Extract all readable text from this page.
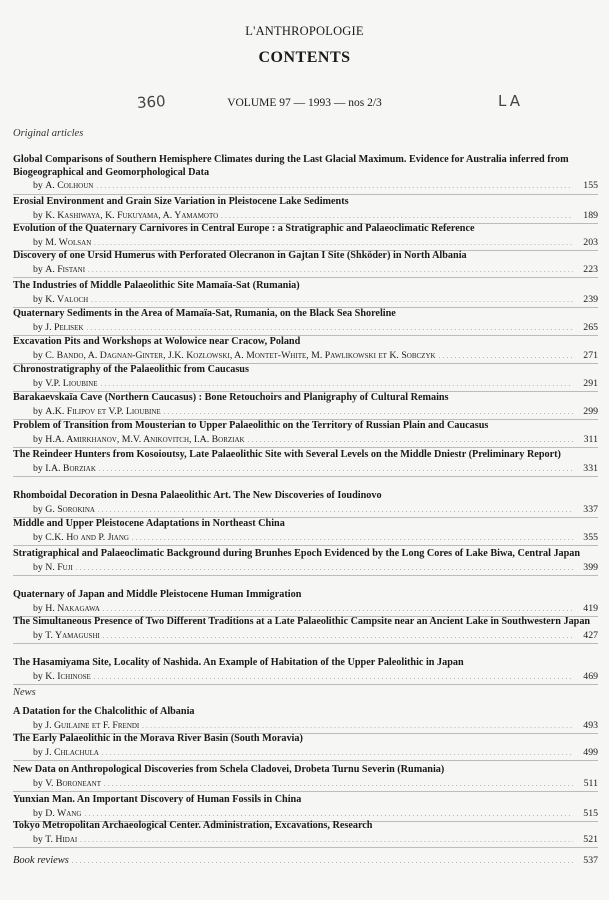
L'ANTHROPOLOGIE
CONTENTS
VOLUME 97 — 1993 — nos 2/3
360	LA
Original articles
Global Comparisons of Southern Hemisphere Climates during the Last Glacial Maximum. Evidence for Australia inferred from Biogeographical and Geomorphological Data
by A. Colhoun . . .	155
Erosial Environment and Grain Size Variation in Pleistocene Lake Sediments
by K. Kashiwaya, K. Fukuyama, A. Yamamoto . . .	189
Evolution of the Quaternary Carnivores in Central Europe : a Stratigraphic and Palaeoclimatic Reference
by M. Wolsan . . .	203
Discovery of one Ursid Humerus with Perforated Olecranon in Gajtan I Site (Shköder) in North Albania
by A. Fistani . . .	223
The Industries of Middle Palaeolithic Site Mamaïa-Sat (Rumania)
by K. Valoch . . .	239
Quaternary Sediments in the Area of Mamaïa-Sat, Rumania, on the Black Sea Shoreline
by J. Pelisek . . .	265
Excavation Pits and Workshops at Wolowice near Cracow, Poland
by C. Bando, A. Dagnan-Ginter, J.K. Kozlowski, A. Montet-White, M. Pawlikowski et K. Sobczyk . . .	271
Chronostratigraphy of the Palaeolithic from Caucasus
by V.P. Lioubine . . .	291
Barakaevskaïa Cave (Northern Caucasus) : Bone Retouchoirs and Planigraphy of Cultural Remains
by A.K. Filipov et V.P. Lioubine . . .	299
Problem of Transition from Mousterian to Upper Palaeolithic on the Territory of Russian Plain and Caucasus
by H.A. Amirkhanov, M.V. Anikovitch, I.A. Borziak . . .	311
The Reindeer Hunters from Kosoioutsy, Late Palaeolithic Site with Several Levels on the Middle Dniestr (Preliminary Report)
by I.A. Borziak . . .	331
Rhomboidal Decoration in Desna Palaeolithic Art. The New Discoveries of Ioudinovo
by G. Sorokina . . .	337
Middle and Upper Pleistocene Adaptations in Northeast China
by C.K. Ho and P. Jiang . . .	355
Stratigraphical and Palaeoclimatic Background during Brunhes Epoch Evidenced by the Long Cores of Lake Biwa, Central Japan
by N. Fuji . . .	399
Quaternary of Japan and Middle Pleistocene Human Immigration
by H. Nakagawa . . .	419
The Simultaneous Presence of Two Different Traditions at a Late Palaeolithic Campsite near an Ancient Lake in Southwestern Japan
by T. Yamagushi . . .	427
The Hasamiyama Site, Locality of Nashida. An Example of Habitation of the Upper Paleolithic in Japan
by K. Ichinose . . .	469
News
A Datation for the Chalcolithic of Albania
by J. Guilaine et F. Frendi . . .	493
The Early Palaeolithic in the Morava River Basin (South Moravia)
by J. Chlachula . . .	499
New Data on Anthropological Discoveries from Schela Cladovei, Drobeta Turnu Severin (Rumania)
by V. Boroneant . . .	511
Yunxian Man. An Important Discovery of Human Fossils in China
by D. Wang . . .	515
Tokyo Metropolitan Archaeological Center. Administration, Excavations, Research
by T. Hidai . . .	521
Book reviews . . .	537
